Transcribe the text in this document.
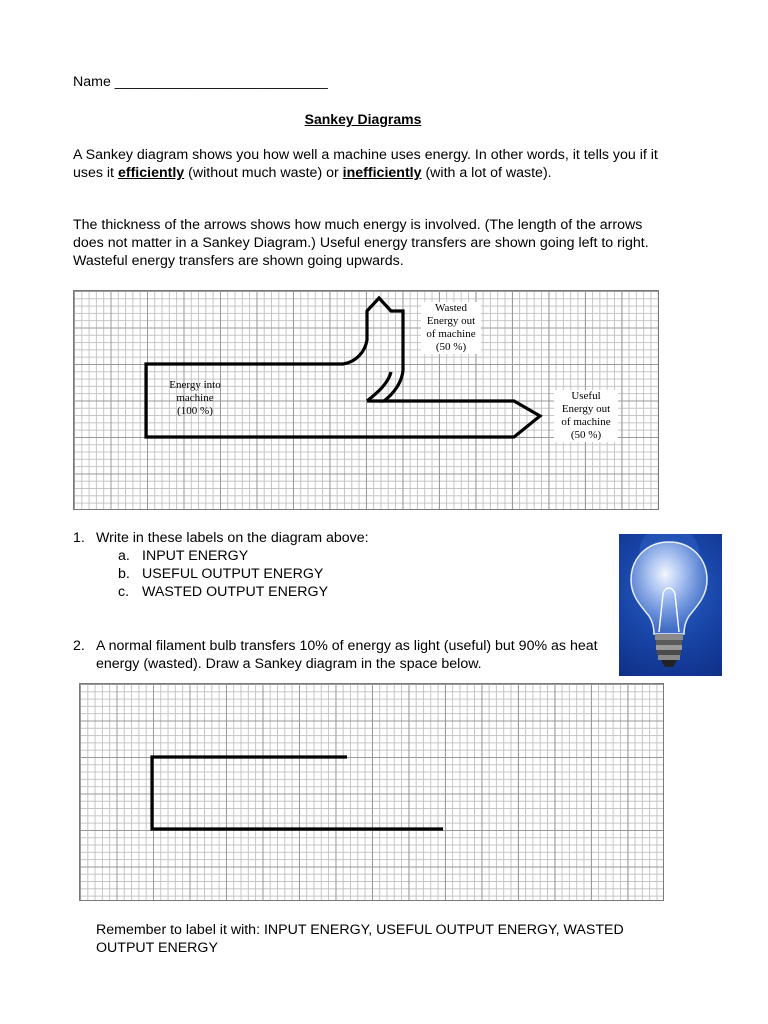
Name ___________________________
Sankey Diagrams
A Sankey diagram shows you how well a machine uses energy. In other words, it tells you if it uses it efficiently (without much waste) or inefficiently (with a lot of waste).
The thickness of the arrows shows how much energy is involved. (The length of the arrows does not matter in a Sankey Diagram.) Useful energy transfers are shown going left to right. Wasteful energy transfers are shown going upwards.
Energy into
machine
(100 %)
Wasted
Energy out
of machine
(50 %)
Useful
Energy out
of machine
(50 %)
1. Write in these labels on the diagram above:
a. INPUT ENERGY
b. USEFUL OUTPUT ENERGY
c. WASTED OUTPUT ENERGY
2. A normal filament bulb transfers 10% of energy as light (useful) but 90% as heat energy (wasted). Draw a Sankey diagram in the space below.
Remember to label it with: INPUT ENERGY, USEFUL OUTPUT ENERGY, WASTED OUTPUT ENERGY
